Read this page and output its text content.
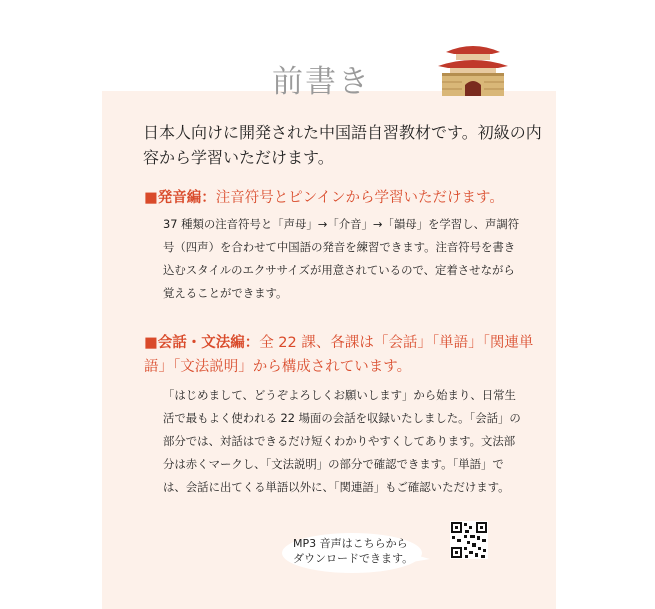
前書き
日本人向けに開発された中国語自習教材です。初級の内容から学習いただけます。
■発音編：注音符号とピンインから学習いただけます。
37 種類の注音符号と「声母」→「介音」→「韻母」を学習し、声調符号（四声）を合わせて中国語の発音を練習できます。注音符号を書き込むスタイルのエクササイズが用意されているので、定着させながら覚えることができます。
■会話・文法編：全 22 課、各課は「会話」「単語」「関連単語」「文法説明」から構成されています。
「はじめまして、どうぞよろしくお願いします」から始まり、日常生活で最もよく使われる 22 場面の会話を収録いたしました。「会話」の部分では、対話はできるだけ短くわかりやすくしてあります。文法部分は赤くマークし、「文法説明」の部分で確認できます。「単語」では、会話に出てくる単語以外に、「関連語」もご確認いただけます。
MP3 音声はこちらから
ダウンロードできます。
